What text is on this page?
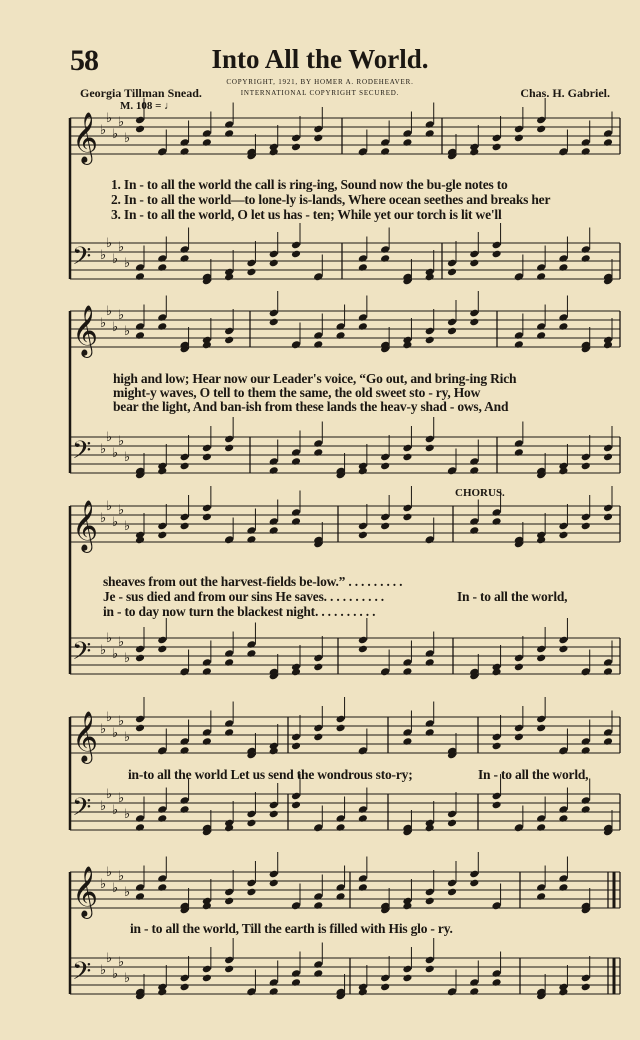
58	Into All the World.
COPYRIGHT, 1921, BY HOMER A. RODEHEAVER.
INTERNATIONAL COPYRIGHT SECURED.
Georgia Tillman Snead.	Chas. H. Gabriel.
M. 108 = ♩
CHORUS.
𝄞 ♭
♭
♭
♭
♭
𝄢 ♭
♭
♭
♭
♭
𝄞 ♭
♭
♭
♭
♭
𝄢 ♭
♭
♭
♭
♭
𝄞 ♭
♭
♭
♭
♭
𝄢 ♭
♭
♭
♭
♭
𝄞 ♭
♭
♭
♭
♭
𝄢 ♭
♭
♭
♭
♭
𝄞 ♭
♭
♭
♭
♭
𝄢 ♭
♭
♭
♭
♭
1. In - to all the world the call is ring-ing, Sound now the bu-gle notes to
2. In - to all the world—to lone-ly is-lands, Where ocean seethes and breaks her
3. In - to all the world, O let us has - ten; While yet our torch is lit we'll
high and low; Hear now our Leader's voice, “Go out, and bring-ing Rich
might-y waves, O tell to them the same, the old sweet sto - ry, How
bear the light, And ban-ish from these lands the heav-y shad - ows, And
sheaves from out the harvest-fields be-low.” . . . . . . . . .
Je - sus died and from our sins He saves. . . . . . . . . .
in - to day now turn the blackest night. . . . . . . . . .
In - to all the world,
in-to all the world Let us send the wondrous sto-ry;	In - to all the world,
in - to all the world, Till the earth is filled with His glo - ry.
